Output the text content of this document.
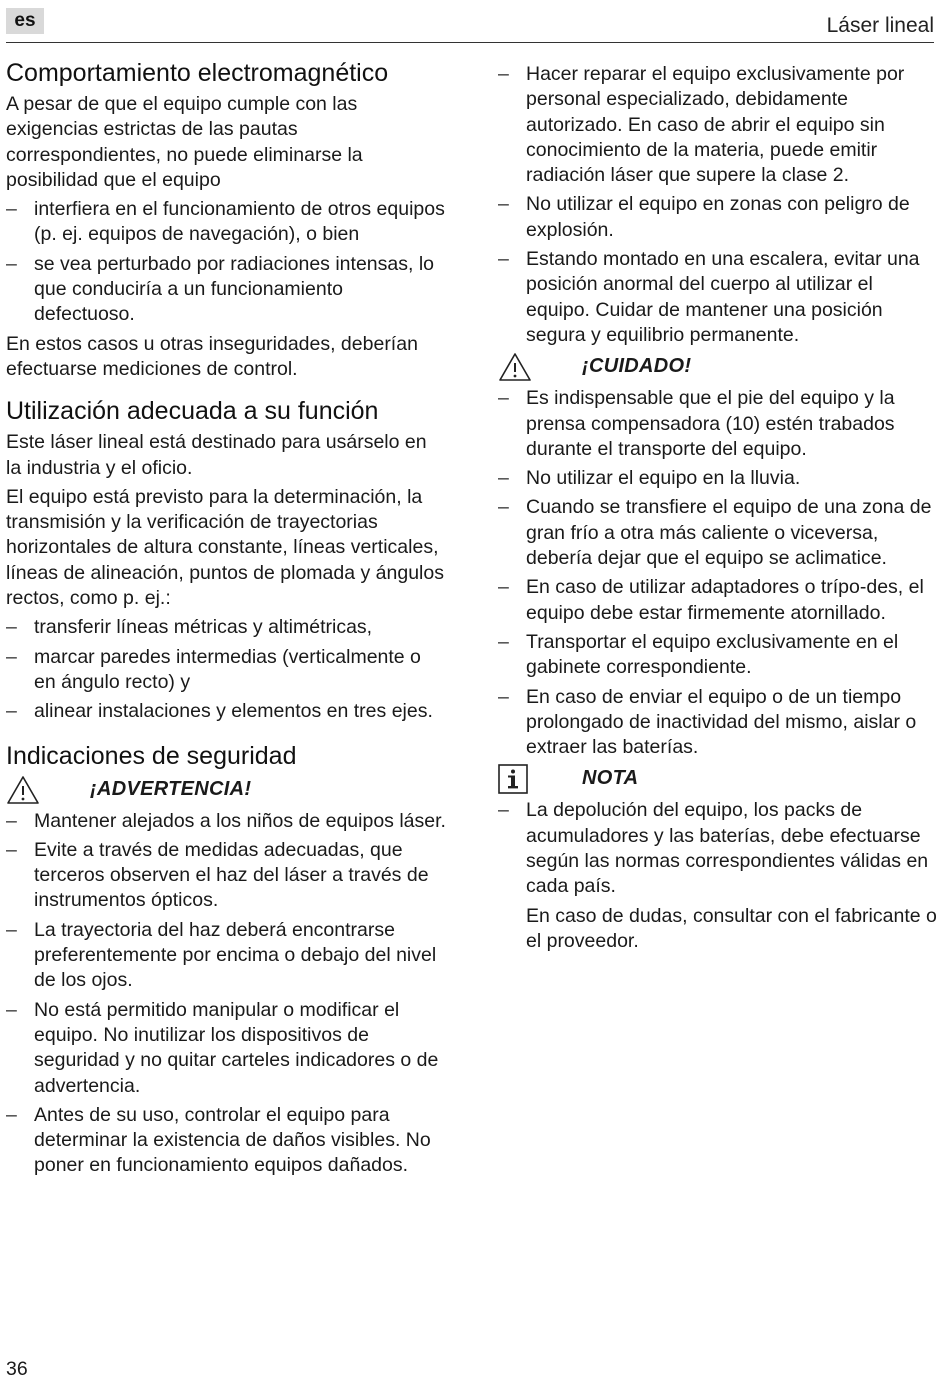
es	Láser lineal
Comportamiento electromagnético

A pesar de que el equipo cumple con las exigencias estrictas de las pautas correspondientes, no puede eliminarse la posibilidad que el equipo

– interfiera en el funcionamiento de otros equipos (p. ej. equipos de navegación), o bien
– se vea perturbado por radiaciones intensas, lo que conduciría a un funcionamiento defectuoso.

En estos casos u otras inseguridades, deberían efectuarse mediciones de control.

Utilización adecuada a su función

Este láser lineal está destinado para usárselo en la industria y el oficio.

El equipo está previsto para la determinación, la transmisión y la verificación de trayectorias horizontales de altura constante, líneas verticales, líneas de alineación, puntos de plomada y ángulos rectos, como p. ej.:

– transferir líneas métricas y altimétricas,
– marcar paredes intermedias (verticalmente o en ángulo recto) y
– alinear instalaciones y elementos en tres ejes.
Indicaciones de seguridad
¡ADVERTENCIA!
– Mantener alejados a los niños de equipos láser.
– Evite a través de medidas adecuadas, que terceros observen el haz del láser a través de instrumentos ópticos.
– La trayectoria del haz deberá encontrarse preferentemente por encima o debajo del nivel de los ojos.
– No está permitido manipular o modificar el equipo. No inutilizar los dispositivos de seguridad y no quitar carteles indicadores o de advertencia.
– Antes de su uso, controlar el equipo para determinar la existencia de daños visibles. No poner en funcionamiento equipos dañados.
– Hacer reparar el equipo exclusivamente por personal especializado, debidamente autorizado. En caso de abrir el equipo sin conocimiento de la materia, puede emitir radiación láser que supere la clase 2.
– No utilizar el equipo en zonas con peligro de explosión.
– Estando montado en una escalera, evitar una posición anormal del cuerpo al utilizar el equipo. Cuidar de mantener una posición segura y equilibrio permanente.
¡CUIDADO!
– Es indispensable que el pie del equipo y la prensa compensadora (10) estén trabados durante el transporte del equipo.
– No utilizar el equipo en la lluvia.
– Cuando se transfiere el equipo de una zona de gran frío a otra más caliente o viceversa, debería dejar que el equipo se aclimatice.
– En caso de utilizar adaptadores o trípo-des, el equipo debe estar firmemente atornillado.
– Transportar el equipo exclusivamente en el gabinete correspondiente.
– En caso de enviar el equipo o de un tiempo prolongado de inactividad del mismo, aislar o extraer las baterías.
NOTA
– La depolución del equipo, los packs de acumuladores y las baterías, debe efectuarse según las normas correspondientes válidas en cada país.
En caso de dudas, consultar con el fabricante o el proveedor.
36
